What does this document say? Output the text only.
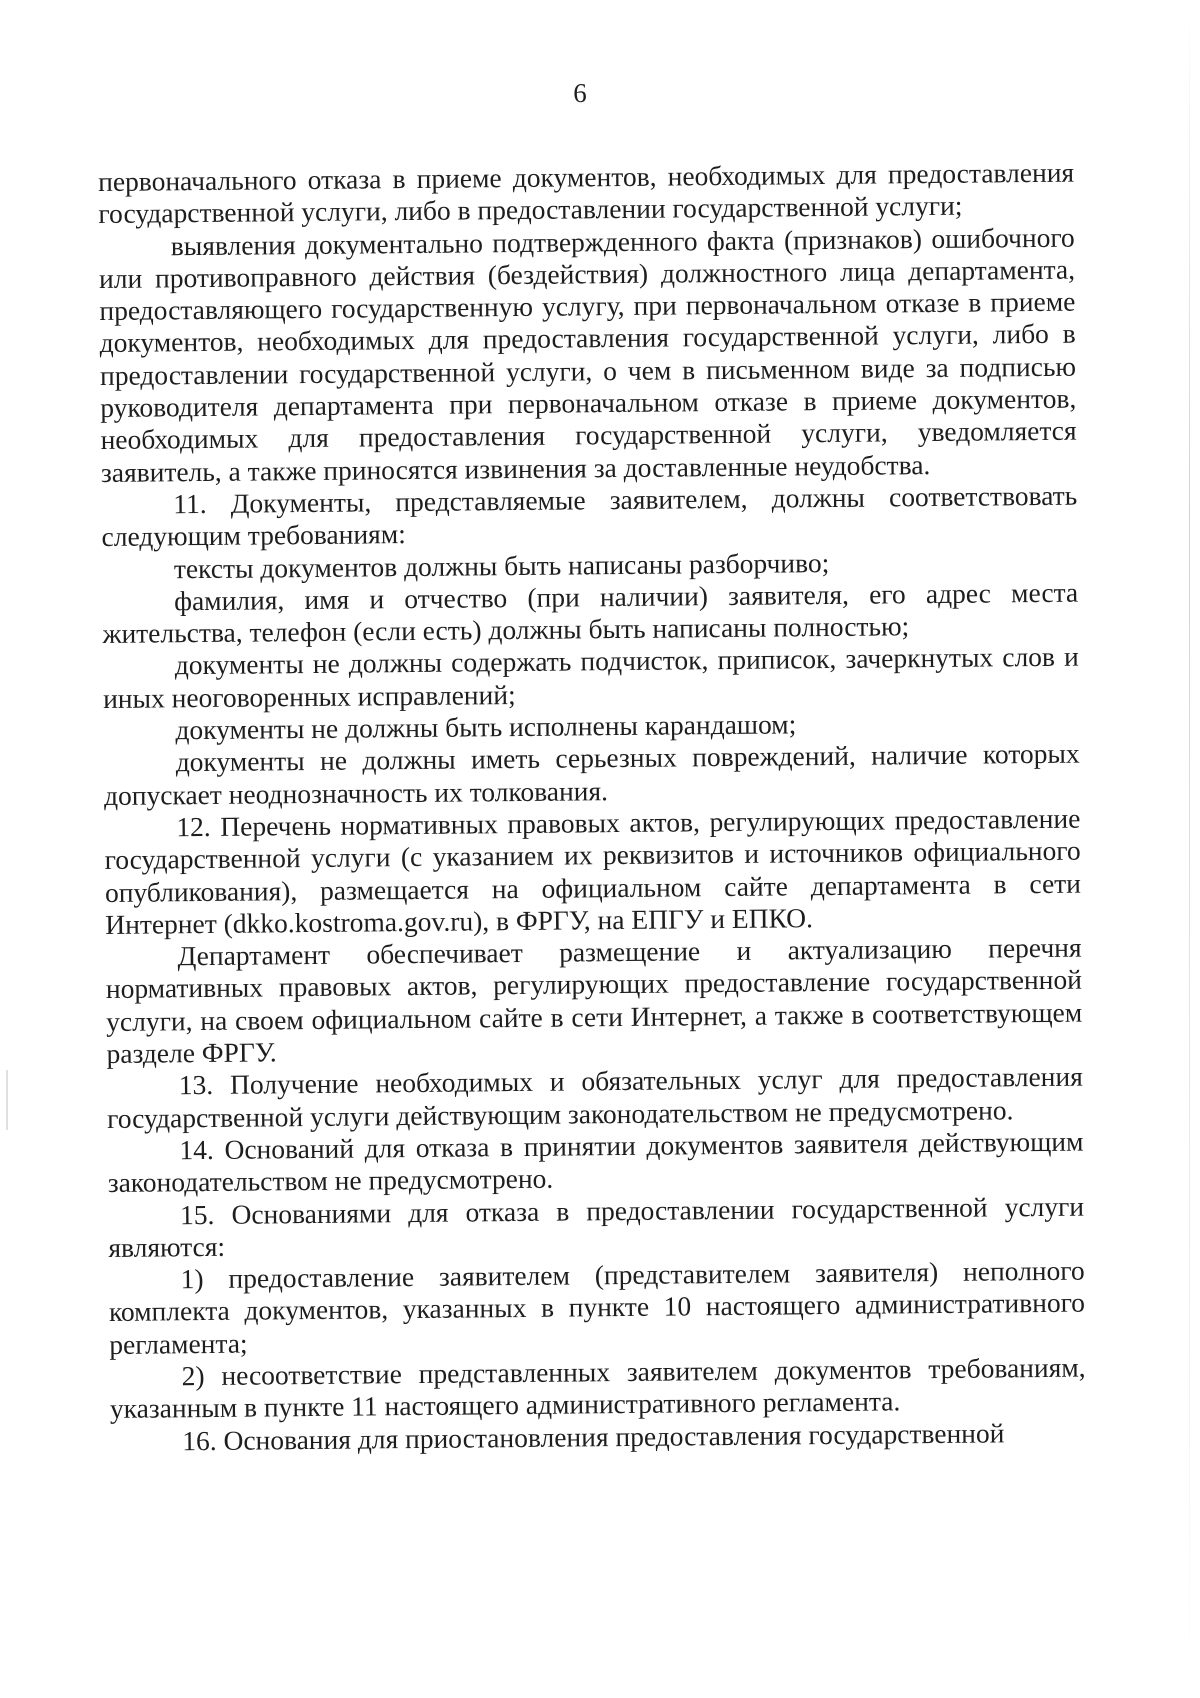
6

первоначального отказа в приеме документов, необходимых для предоставления государственной услуги, либо в предоставлении государственной услуги;

выявления документально подтвержденного факта (признаков) ошибочного или противоправного действия (бездействия) должностного лица департамента, предоставляющего государственную услугу, при первоначальном отказе в приеме документов, необходимых для предоставления государственной услуги, либо в предоставлении государственной услуги, о чем в письменном виде за подписью руководителя департамента при первоначальном отказе в приеме документов, необходимых для предоставления государственной услуги, уведомляется заявитель, а также приносятся извинения за доставленные неудобства.

11. Документы, представляемые заявителем, должны соответствовать следующим требованиям:

тексты документов должны быть написаны разборчиво;

фамилия, имя и отчество (при наличии) заявителя, его адрес места жительства, телефон (если есть) должны быть написаны полностью;

документы не должны содержать подчисток, приписок, зачеркнутых слов и иных неоговоренных исправлений;

документы не должны быть исполнены карандашом;

документы не должны иметь серьезных повреждений, наличие которых допускает неоднозначность их толкования.

12. Перечень нормативных правовых актов, регулирующих предоставление государственной услуги (с указанием их реквизитов и источников официального опубликования), размещается на официальном сайте департамента в сети Интернет (dkko.kostroma.gov.ru), в ФРГУ, на ЕПГУ и ЕПКО.

Департамент обеспечивает размещение и актуализацию перечня нормативных правовых актов, регулирующих предоставление государственной услуги, на своем официальном сайте в сети Интернет, а также в соответствующем разделе ФРГУ.

13. Получение необходимых и обязательных услуг для предоставления государственной услуги действующим законодательством не предусмотрено.

14. Оснований для отказа в принятии документов заявителя действующим законодательством не предусмотрено.

15. Основаниями для отказа в предоставлении государственной услуги являются:

1) предоставление заявителем (представителем заявителя) неполного комплекта документов, указанных в пункте 10 настоящего административного регламента;

2) несоответствие представленных заявителем документов требованиям, указанным в пункте 11 настоящего административного регламента.

16. Основания для приостановления предоставления государственной
